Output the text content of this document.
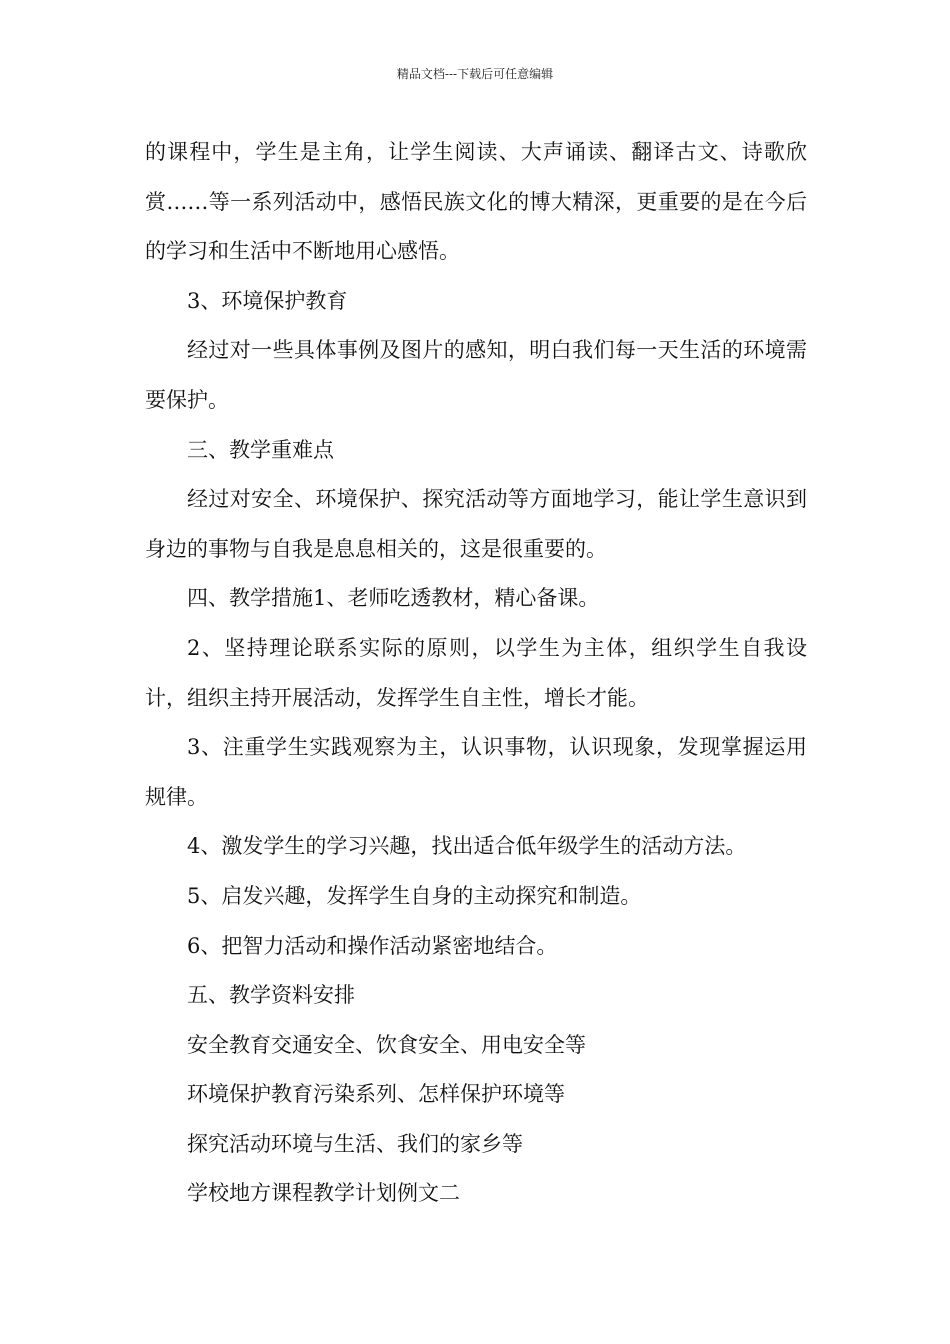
精品文档---下载后可任意编辑

的课程中，学生是主角，让学生阅读、大声诵读、翻译古文、诗歌欣赏……等一系列活动中，感悟民族文化的博大精深，更重要的是在今后的学习和生活中不断地用心感悟。

3、环境保护教育

经过对一些具体事例及图片的感知，明白我们每一天生活的环境需要保护。

三、教学重难点

经过对安全、环境保护、探究活动等方面地学习，能让学生意识到身边的事物与自我是息息相关的，这是很重要的。

四、教学措施1、老师吃透教材，精心备课。

2、坚持理论联系实际的原则，以学生为主体，组织学生自我设计，组织主持开展活动，发挥学生自主性，增长才能。

3、注重学生实践观察为主，认识事物，认识现象，发现掌握运用规律。

4、激发学生的学习兴趣，找出适合低年级学生的活动方法。

5、启发兴趣，发挥学生自身的主动探究和制造。

6、把智力活动和操作活动紧密地结合。

五、教学资料安排

安全教育交通安全、饮食安全、用电安全等

环境保护教育污染系列、怎样保护环境等

探究活动环境与生活、我们的家乡等

学校地方课程教学计划例文二
